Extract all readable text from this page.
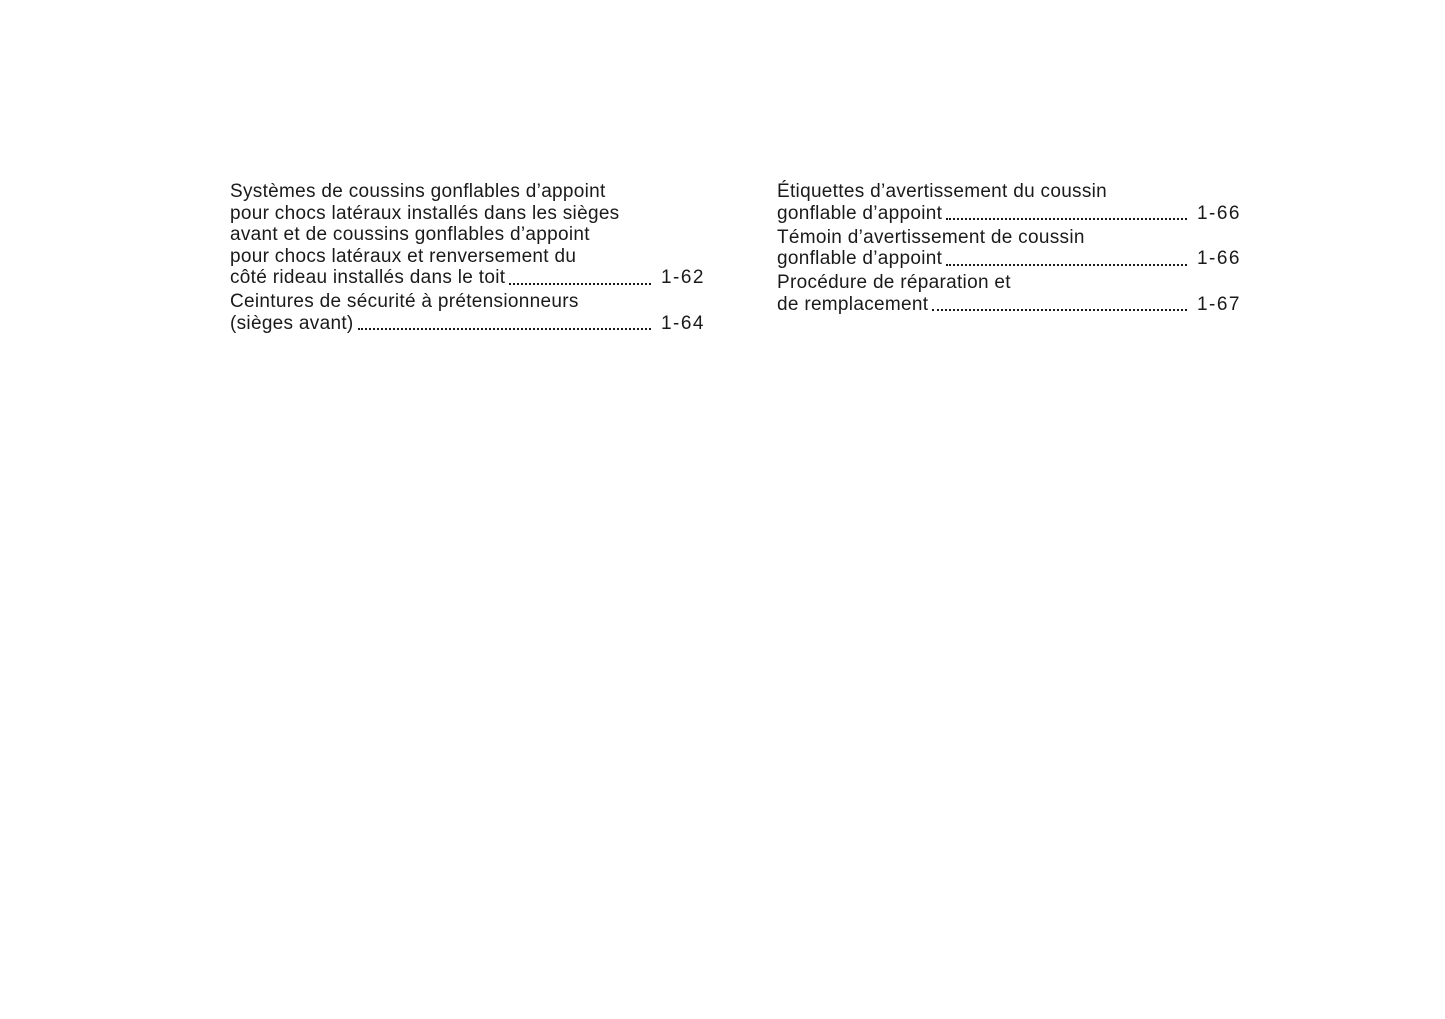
Systèmes de coussins gonflables d’appoint
pour chocs latéraux installés dans les sièges
avant et de coussins gonflables d’appoint
pour chocs latéraux et renversement du
côté rideau installés dans le toit	1-62
Ceintures de sécurité à prétensionneurs
(sièges avant)	1-64
Étiquettes d’avertissement du coussin
gonflable d’appoint	1-66
Témoin d’avertissement de coussin
gonflable d’appoint	1-66
Procédure de réparation et
de remplacement	1-67
